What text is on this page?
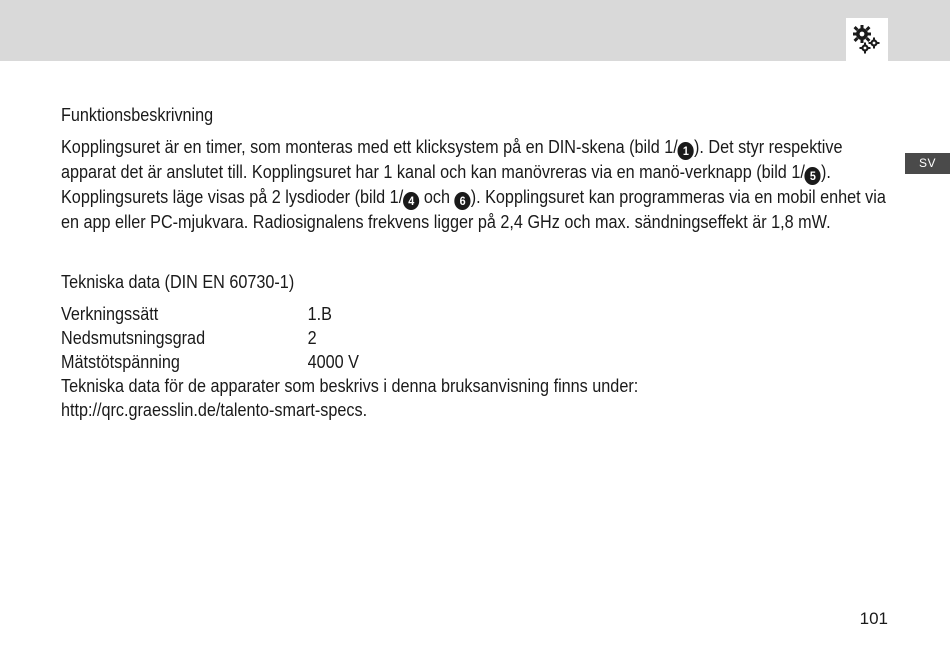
SV

Funktionsbeskrivning

Kopplingsuret är en timer, som monteras med ett klicksystem på en DIN-skena (bild 1/ 1 ). Det styr respektive apparat det är anslutet till. Kopplingsuret har 1 kanal och kan manövreras via en manö-verknapp (bild 1/ 5 ). Kopplingsurets läge visas på 2 lysdioder (bild 1/ 4 och 6 ). Kopplingsuret kan programmeras via en mobil enhet via en app eller PC-mjukvara. Radiosignalens frekvens ligger på 2,4 GHz och max. sändningseffekt är 1,8 mW.

Tekniska data (DIN EN 60730-1)

Verkningssätt	1.B
Nedsmutsningsgrad	2
Mätstötspänning	4000 V

Tekniska data för de apparater som beskrivs i denna bruksanvisning finns under:

http://qrc.graesslin.de/talento-smart-specs.

101
